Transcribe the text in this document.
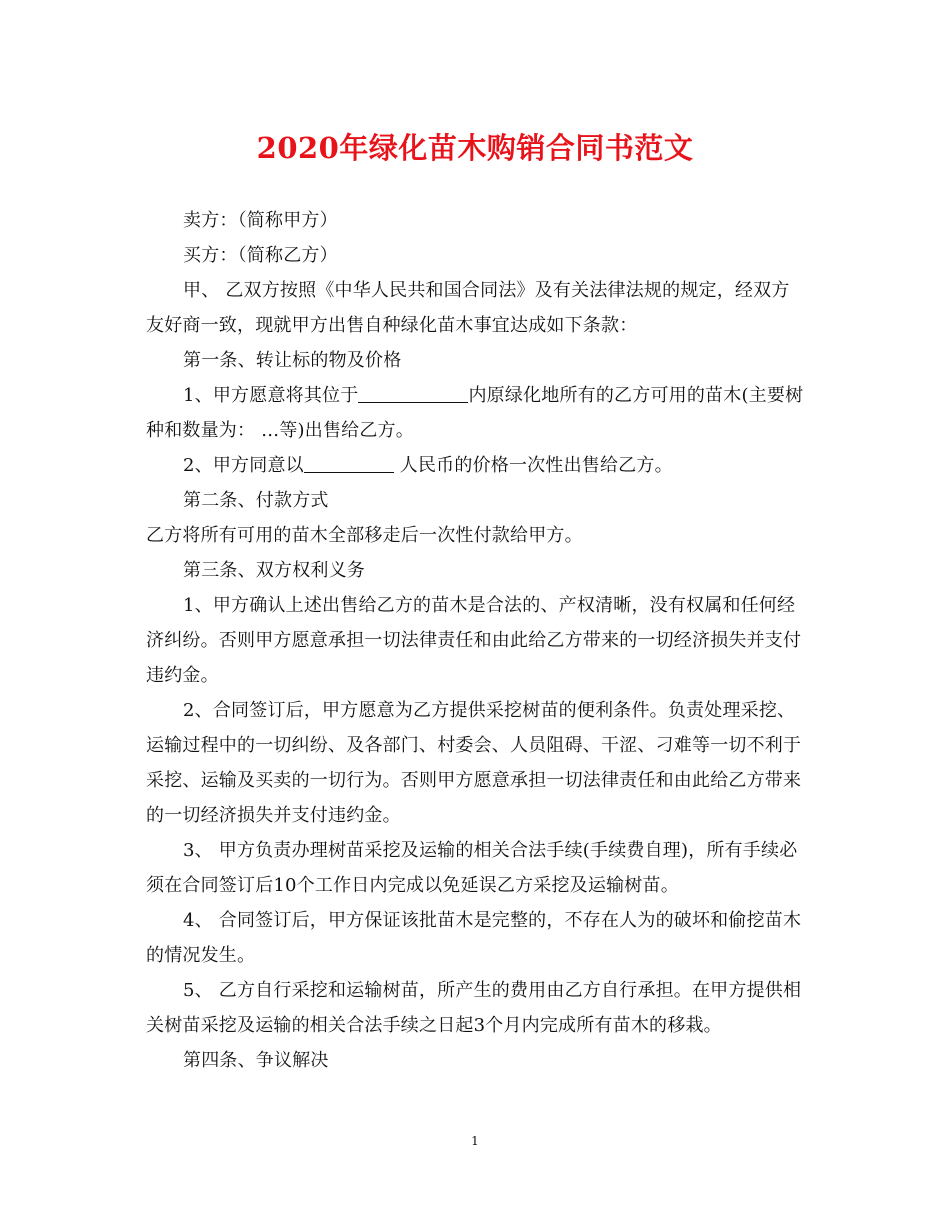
2020年绿化苗木购销合同书范文

卖方：（简称甲方）

买方：（简称乙方）

甲、 乙双方按照《中华人民共和国合同法》及有关法律法规的规定，经双方友好商一致，现就甲方出售自种绿化苗木事宜达成如下条款：

第一条、转让标的物及价格

1、甲方愿意将其位于	内原绿化地所有的乙方可用的苗木(主要树种和数量为： …等)出售给乙方。

2、甲方同意以	人民币的价格一次性出售给乙方。

第二条、付款方式

乙方将所有可用的苗木全部移走后一次性付款给甲方。

第三条、双方权利义务

1、甲方确认上述出售给乙方的苗木是合法的、产权清晰，没有权属和任何经济纠纷。否则甲方愿意承担一切法律责任和由此给乙方带来的一切经济损失并支付违约金。

2、合同签订后，甲方愿意为乙方提供采挖树苗的便利条件。负责处理采挖、运输过程中的一切纠纷、及各部门、村委会、人员阻碍、干涩、刁难等一切不利于采挖、运输及买卖的一切行为。否则甲方愿意承担一切法律责任和由此给乙方带来的一切经济损失并支付违约金。

3、 甲方负责办理树苗采挖及运输的相关合法手续(手续费自理)，所有手续必须在合同签订后10个工作日内完成以免延误乙方采挖及运输树苗。

4、 合同签订后，甲方保证该批苗木是完整的，不存在人为的破坏和偷挖苗木的情况发生。

5、 乙方自行采挖和运输树苗，所产生的费用由乙方自行承担。在甲方提供相关树苗采挖及运输的相关合法手续之日起3个月内完成所有苗木的移栽。

第四条、争议解决

1
